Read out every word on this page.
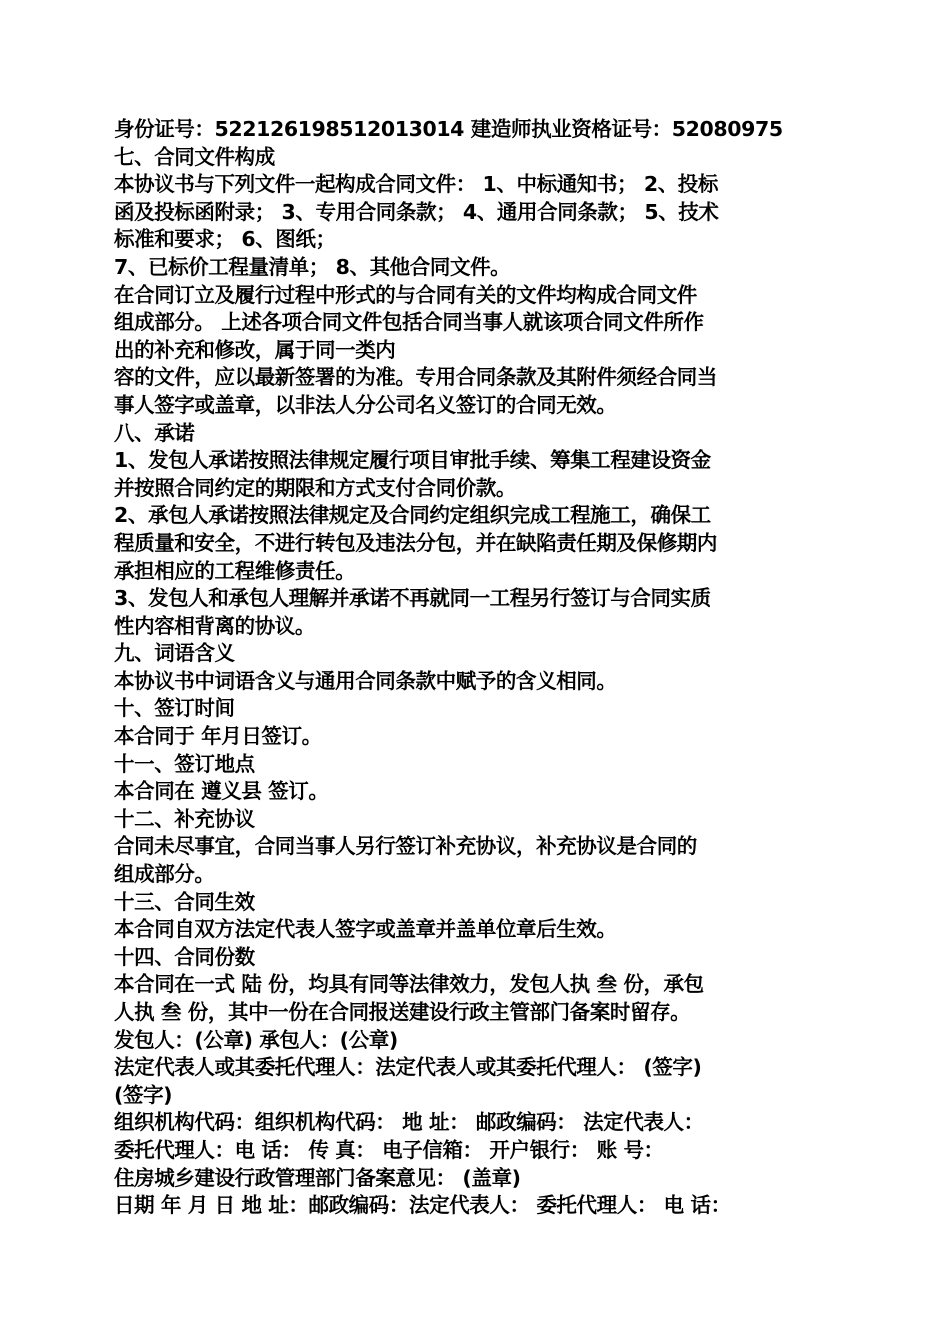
身份证号：522126198512013014 建造师执业资格证号：52080975
七、合同文件构成
本协议书与下列文件一起构成合同文件： 1、中标通知书； 2、投标
函及投标函附录； 3、专用合同条款； 4、通用合同条款； 5、技术
标准和要求； 6、图纸；
7、已标价工程量清单； 8、其他合同文件。
在合同订立及履行过程中形式的与合同有关的文件均构成合同文件
组成部分。 上述各项合同文件包括合同当事人就该项合同文件所作
出的补充和修改，属于同一类内
容的文件，应以最新签署的为准。专用合同条款及其附件须经合同当
事人签字或盖章，以非法人分公司名义签订的合同无效。
八、承诺
1、发包人承诺按照法律规定履行项目审批手续、筹集工程建设资金
并按照合同约定的期限和方式支付合同价款。
2、承包人承诺按照法律规定及合同约定组织完成工程施工，确保工
程质量和安全，不进行转包及违法分包，并在缺陷责任期及保修期内
承担相应的工程维修责任。
3、发包人和承包人理解并承诺不再就同一工程另行签订与合同实质
性内容相背离的协议。
九、词语含义
本协议书中词语含义与通用合同条款中赋予的含义相同。
十、签订时间
本合同于 年月日签订。
十一、签订地点
本合同在 遵义县 签订。
十二、补充协议
合同未尽事宜，合同当事人另行签订补充协议，补充协议是合同的
组成部分。
十三、合同生效
本合同自双方法定代表人签字或盖章并盖单位章后生效。
十四、合同份数
本合同在一式 陆 份，均具有同等法律效力，发包人执 叁 份，承包
人执 叁 份，其中一份在合同报送建设行政主管部门备案时留存。
发包人：(公章) 承包人：(公章)
法定代表人或其委托代理人：法定代表人或其委托代理人： (签字)
(签字)
组织机构代码：组织机构代码： 地 址： 邮政编码： 法定代表人：
委托代理人：电 话： 传 真： 电子信箱： 开户银行： 账 号：
住房城乡建设行政管理部门备案意见： (盖章)
日期 年 月 日 地 址：邮政编码：法定代表人： 委托代理人： 电 话：
